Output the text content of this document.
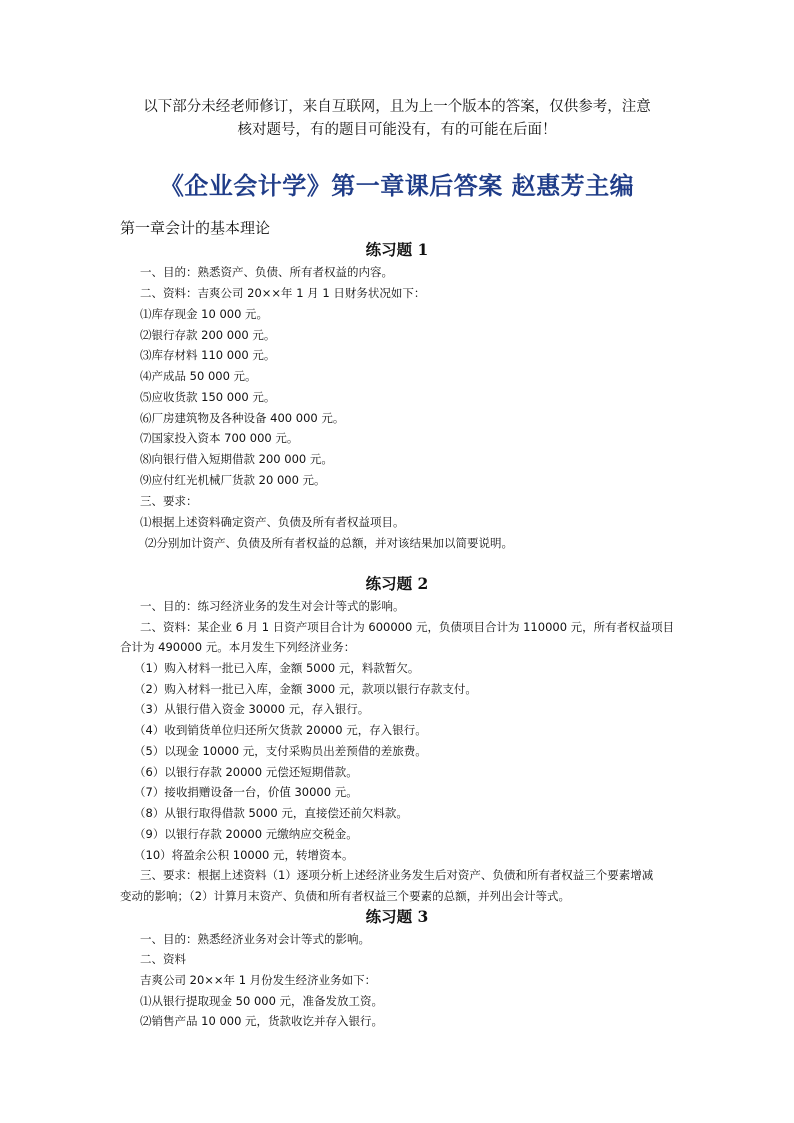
以下部分未经老师修订，来自互联网，且为上一个版本的答案，仅供参考，注意
核对题号，有的题目可能没有，有的可能在后面！
《企业会计学》第一章课后答案 赵惠芳主编
第一章会计的基本理论
练习题 1
一、目的：熟悉资产、负债、所有者权益的内容。
二、资料：吉爽公司 20××年 1 月 1 日财务状况如下：
⑴库存现金 10 000 元。
⑵银行存款 200 000 元。
⑶库存材料 110 000 元。
⑷产成品 50 000 元。
⑸应收货款 150 000 元。
⑹厂房建筑物及各种设备 400 000 元。
⑺国家投入资本 700 000 元。
⑻向银行借入短期借款 200 000 元。
⑼应付红光机械厂货款 20 000 元。
三、要求：
⑴根据上述资料确定资产、负债及所有者权益项目。
⑵分别加计资产、负债及所有者权益的总额，并对该结果加以简要说明。
练习题 2
一、目的：练习经济业务的发生对会计等式的影响。
二、资料：某企业 6 月 1 日资产项目合计为 600000 元，负债项目合计为 110000 元，所有者权益项目
合计为 490000 元。本月发生下列经济业务：
（1）购入材料一批已入库，金额 5000 元，料款暂欠。
（2）购入材料一批已入库，金额 3000 元，款项以银行存款支付。
（3）从银行借入资金 30000 元，存入银行。
（4）收到销货单位归还所欠货款 20000 元，存入银行。
（5）以现金 10000 元，支付采购员出差预借的差旅费。
（6）以银行存款 20000 元偿还短期借款。
（7）接收捐赠设备一台，价值 30000 元。
（8）从银行取得借款 5000 元，直接偿还前欠料款。
（9）以银行存款 20000 元缴纳应交税金。
（10）将盈余公积 10000 元，转增资本。
三、要求：根据上述资料（1）逐项分析上述经济业务发生后对资产、负债和所有者权益三个要素增减
变动的影响；（2）计算月末资产、负债和所有者权益三个要素的总额，并列出会计等式。
练习题 3
一、目的：熟悉经济业务对会计等式的影响。
二、资料
吉爽公司 20××年 1 月份发生经济业务如下：
⑴从银行提取现金 50 000 元，准备发放工资。
⑵销售产品 10 000 元，货款收讫并存入银行。
